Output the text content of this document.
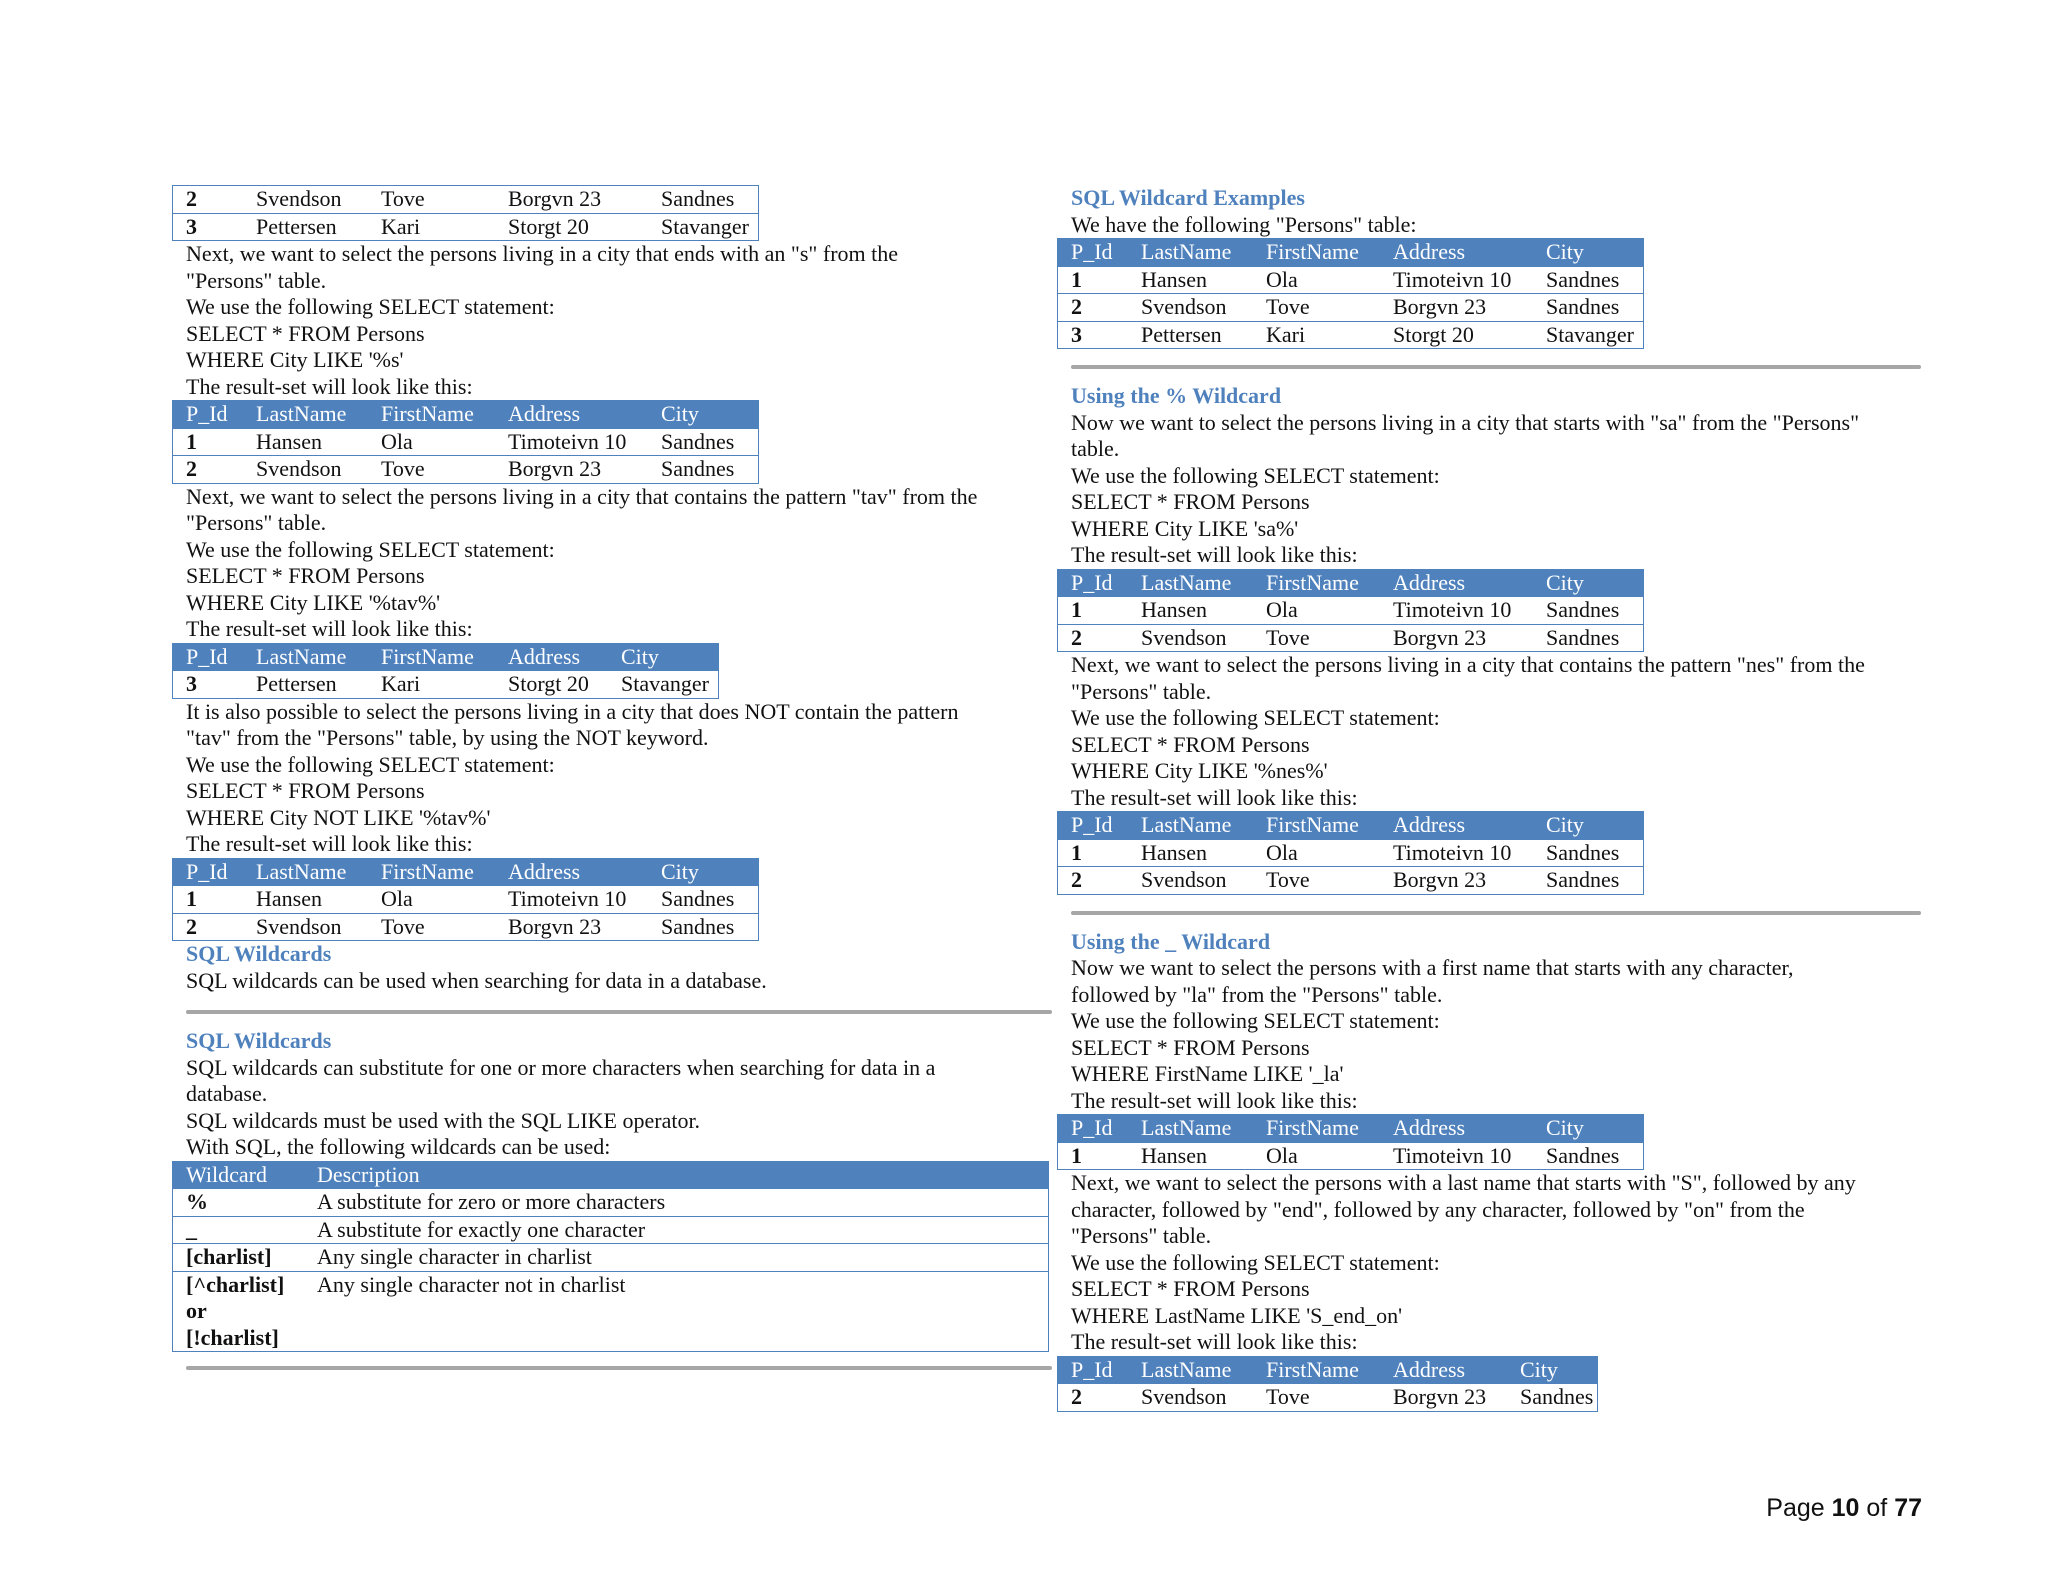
2	Svendson	Tove	Borgvn 23	Sandnes
3	Pettersen	Kari	Storgt 20	Stavanger

Next, we want to select the persons living in a city that ends with an "s" from the

"Persons" table.

We use the following SELECT statement:

SELECT * FROM Persons

WHERE City LIKE '%s'

The result-set will look like this:

P_Id	LastName	FirstName	Address	City
1	Hansen	Ola	Timoteivn 10	Sandnes
2	Svendson	Tove	Borgvn 23	Sandnes

Next, we want to select the persons living in a city that contains the pattern "tav" from the

"Persons" table.

We use the following SELECT statement:

SELECT * FROM Persons

WHERE City LIKE '%tav%'

The result-set will look like this:

P_Id	LastName	FirstName	Address	City
3	Pettersen	Kari	Storgt 20	Stavanger

It is also possible to select the persons living in a city that does NOT contain the pattern

"tav" from the "Persons" table, by using the NOT keyword.

We use the following SELECT statement:

SELECT * FROM Persons

WHERE City NOT LIKE '%tav%'

The result-set will look like this:

P_Id	LastName	FirstName	Address	City
1	Hansen	Ola	Timoteivn 10	Sandnes
2	Svendson	Tove	Borgvn 23	Sandnes

SQL Wildcards

SQL wildcards can be used when searching for data in a database.

SQL Wildcards

SQL wildcards can substitute for one or more characters when searching for data in a

database.

SQL wildcards must be used with the SQL LIKE operator.

With SQL, the following wildcards can be used:

Wildcard	Description
%	A substitute for zero or more characters
_	A substitute for exactly one character
[charlist]	Any single character in charlist
[^charlist]
or
[!charlist]	Any single character not in charlist

SQL Wildcard Examples

We have the following "Persons" table:

P_Id	LastName	FirstName	Address	City
1	Hansen	Ola	Timoteivn 10	Sandnes
2	Svendson	Tove	Borgvn 23	Sandnes
3	Pettersen	Kari	Storgt 20	Stavanger

Using the % Wildcard

Now we want to select the persons living in a city that starts with "sa" from the "Persons"

table.

We use the following SELECT statement:

SELECT * FROM Persons

WHERE City LIKE 'sa%'

The result-set will look like this:

P_Id	LastName	FirstName	Address	City
1	Hansen	Ola	Timoteivn 10	Sandnes
2	Svendson	Tove	Borgvn 23	Sandnes

Next, we want to select the persons living in a city that contains the pattern "nes" from the

"Persons" table.

We use the following SELECT statement:

SELECT * FROM Persons

WHERE City LIKE '%nes%'

The result-set will look like this:

P_Id	LastName	FirstName	Address	City
1	Hansen	Ola	Timoteivn 10	Sandnes
2	Svendson	Tove	Borgvn 23	Sandnes

Using the _ Wildcard

Now we want to select the persons with a first name that starts with any character,

followed by "la" from the "Persons" table.

We use the following SELECT statement:

SELECT * FROM Persons

WHERE FirstName LIKE '_la'

The result-set will look like this:

P_Id	LastName	FirstName	Address	City
1	Hansen	Ola	Timoteivn 10	Sandnes

Next, we want to select the persons with a last name that starts with "S", followed by any

character, followed by "end", followed by any character, followed by "on" from the

"Persons" table.

We use the following SELECT statement:

SELECT * FROM Persons

WHERE LastName LIKE 'S_end_on'

The result-set will look like this:

P_Id	LastName	FirstName	Address	City
2	Svendson	Tove	Borgvn 23	Sandnes
Page 10 of 77
